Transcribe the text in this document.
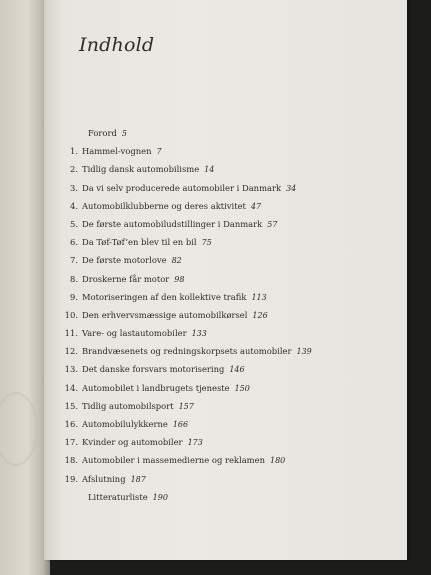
Indhold
Forord 5
1. Hammel-vognen 7
2. Tidlig dansk automobilisme 14
3. Da vi selv producerede automobiler i Danmark 34
4. Automobilklubberne og deres aktivitet 47
5. De første automobiludstillinger i Danmark 57
6. Da Tøf-Tøf’en blev til en bil 75
7. De første motorlove 82
8. Droskerne får motor 98
9. Motoriseringen af den kollektive trafik 113
10. Den erhvervsmæssige automobilkørsel 126
11. Vare- og lastautomobiler 133
12. Brandvæsenets og redningskorpsets automobiler 139
13. Det danske forsvars motorisering 146
14. Automobilet i landbrugets tjeneste 150
15. Tidlig automobilsport 157
16. Automobilulykkerne 166
17. Kvinder og automobiler 173
18. Automobiler i massemedierne og reklamen 180
19. Afslutning 187
Litteraturliste 190
